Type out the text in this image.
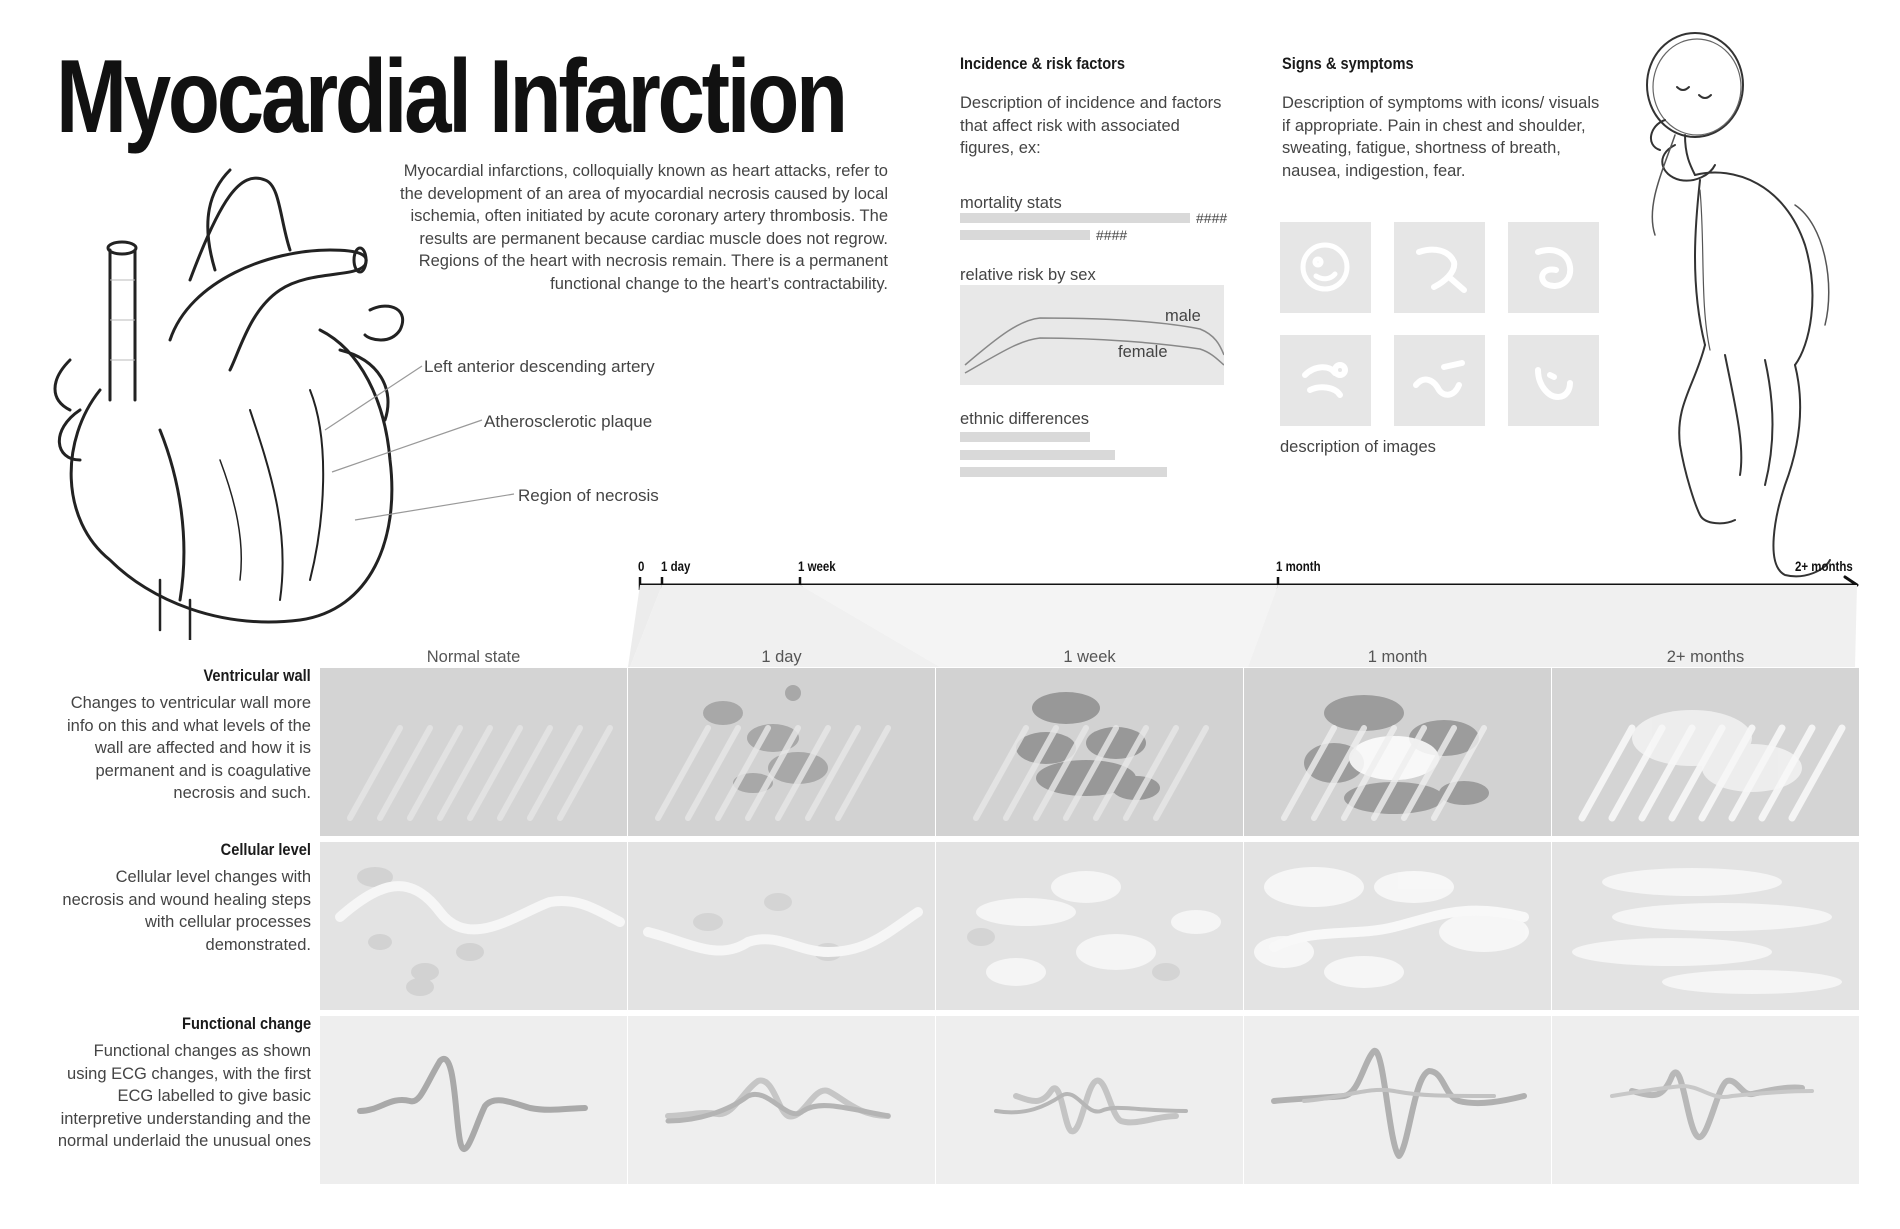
Myocardial Infarction
Myocardial infarctions, colloquially known as heart attacks, refer to the development of an area of myocardial necrosis caused by local ischemia, often initiated by acute coronary artery thrombosis. The results are permanent because cardiac muscle does not regrow. Regions of the heart with necrosis remain. There is a permanent functional change to the heart’s contractability.
Left anterior descending artery
Atherosclerotic plaque
Region of necrosis
Incidence & risk factors
Description of incidence and factors that affect risk with associated figures, ex:
mortality stats
####
####
relative risk by sex
male
female
ethnic differences
Signs & symptoms
Description of symptoms with icons/ visuals if appropriate. Pain in chest and shoulder, sweating, fatigue, shortness of breath, nausea, indigestion, fear.
description of images
0 1 day	1 week	1 month	2+ months
Normal state	1 day	1 week	1 month	2+ months
Ventricular wall
Changes to ventricular wall more info on this and what levels of the wall are affected and how it is permanent and is coagulative necrosis and such.
Cellular level
Cellular level changes with necrosis and wound healing steps with cellular processes demonstrated.
Functional change
Functional changes as shown using ECG changes, with the first ECG labelled to give basic interpretive understanding and the normal underlaid the unusual ones
